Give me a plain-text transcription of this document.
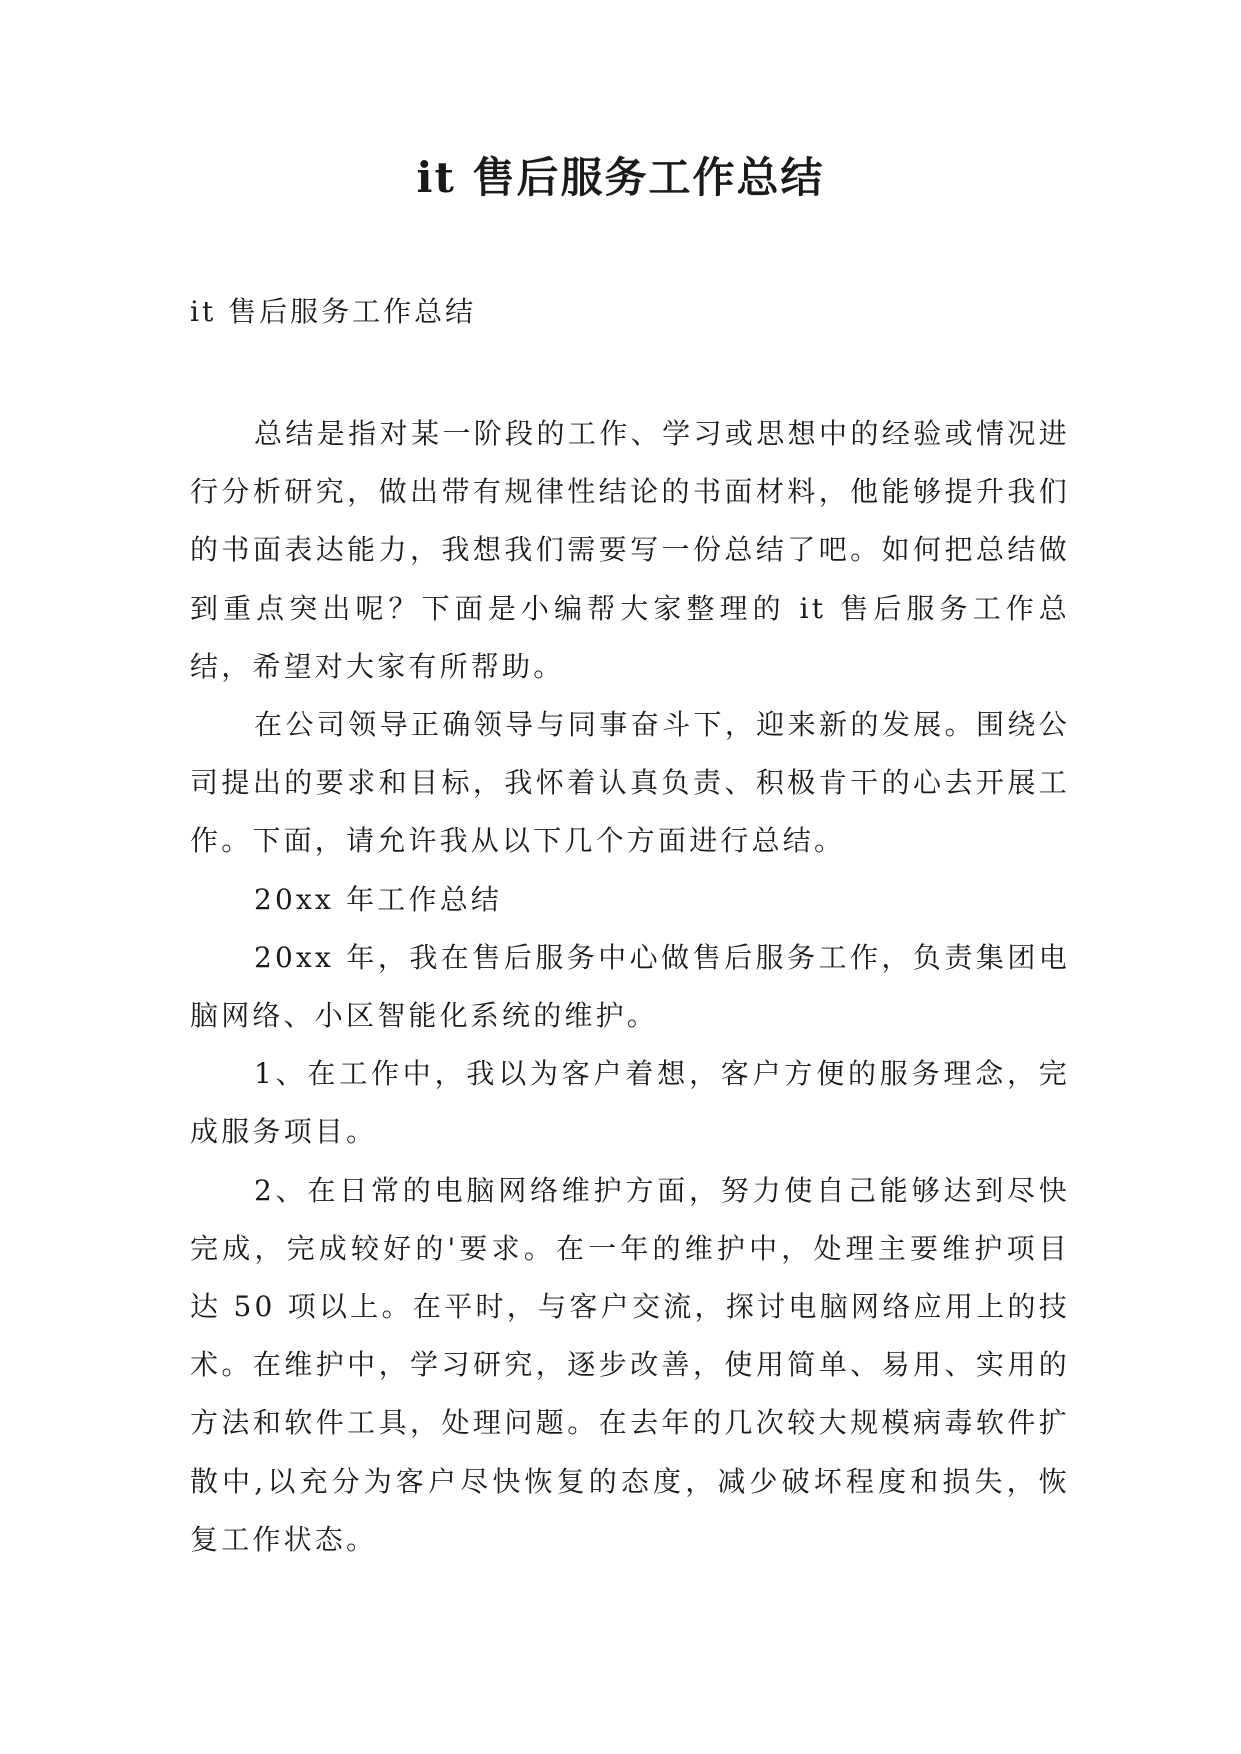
it 售后服务工作总结
it 售后服务工作总结

总结是指对某一阶段的工作、学习或思想中的经验或情况进行分析研究，做出带有规律性结论的书面材料，他能够提升我们的书面表达能力，我想我们需要写一份总结了吧。如何把总结做到重点突出呢？下面是小编帮大家整理的 it 售后服务工作总结，希望对大家有所帮助。

在公司领导正确领导与同事奋斗下，迎来新的发展。围绕公司提出的要求和目标，我怀着认真负责、积极肯干的心去开展工作。下面，请允许我从以下几个方面进行总结。

20xx 年工作总结

20xx 年，我在售后服务中心做售后服务工作，负责集团电脑网络、小区智能化系统的维护。

1、在工作中，我以为客户着想，客户方便的服务理念，完成服务项目。

2、在日常的电脑网络维护方面，努力使自己能够达到尽快完成，完成较好的'要求。在一年的维护中，处理主要维护项目达 50 项以上。在平时，与客户交流，探讨电脑网络应用上的技术。在维护中，学习研究，逐步改善，使用简单、易用、实用的方法和软件工具，处理问题。在去年的几次较大规模病毒软件扩散中,以充分为客户尽快恢复的态度，减少破坏程度和损失，恢复工作状态。
